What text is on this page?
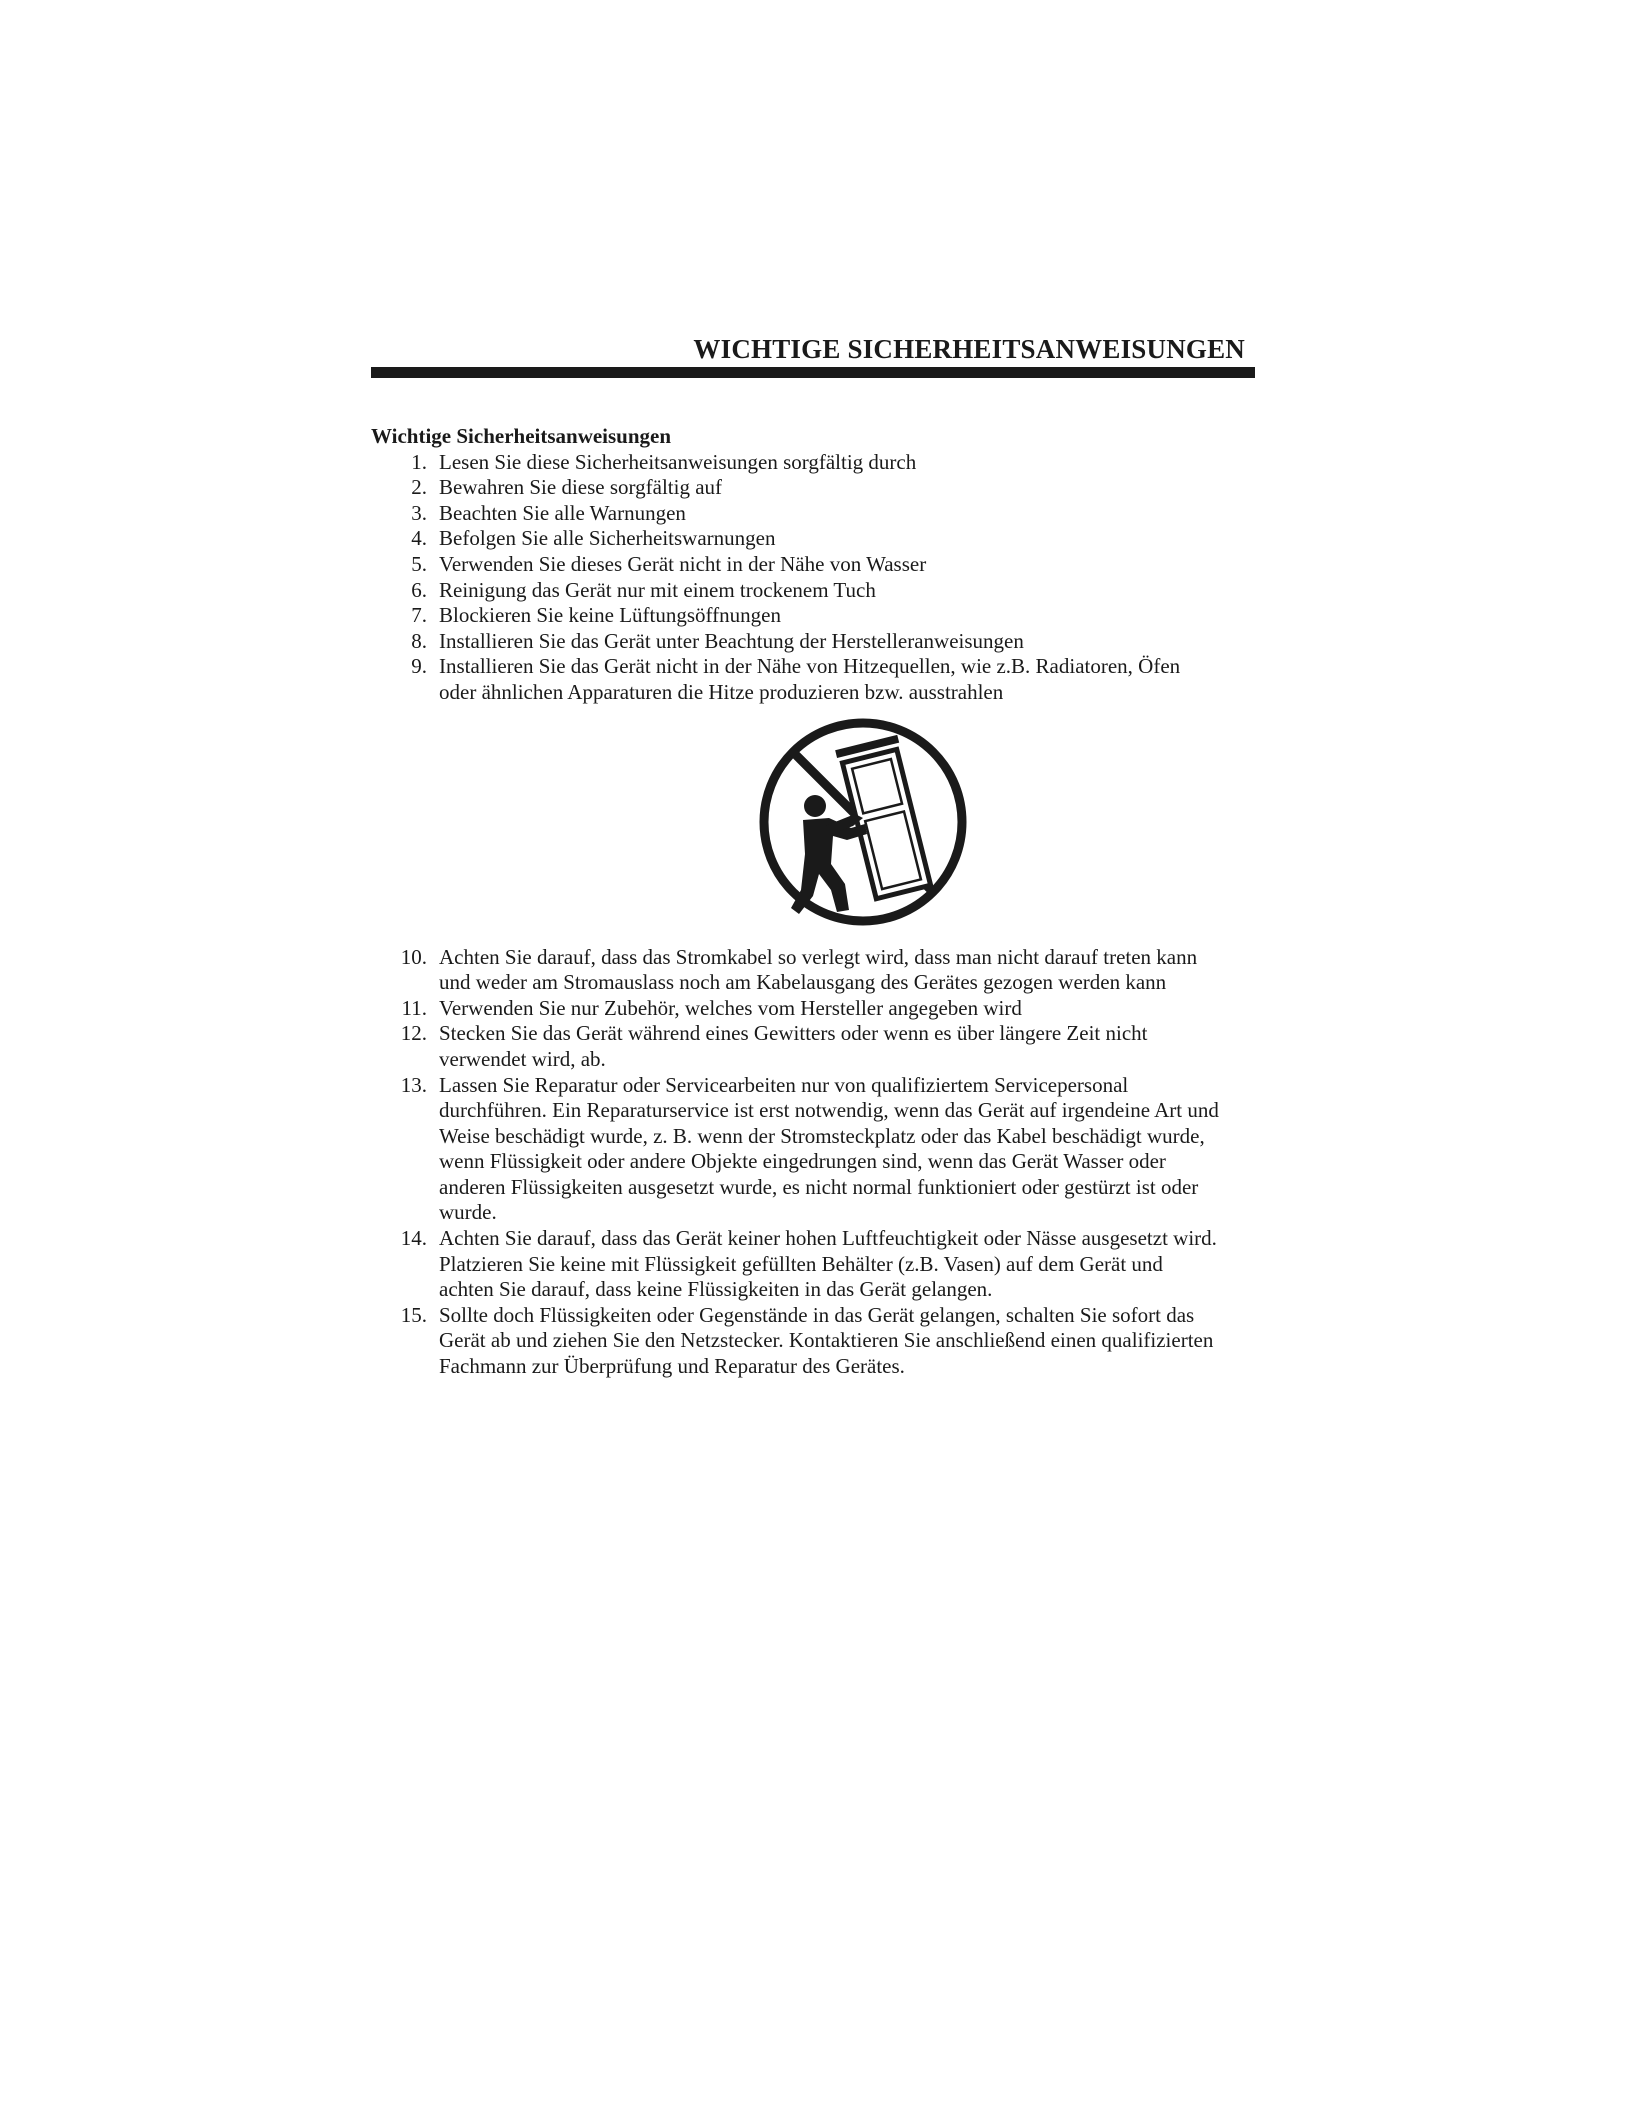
WICHTIGE SICHERHEITSANWEISUNGEN

Wichtige Sicherheitsanweisungen

1. Lesen Sie diese Sicherheitsanweisungen sorgfältig durch
2. Bewahren Sie diese sorgfältig auf
3. Beachten Sie alle Warnungen
4. Befolgen Sie alle Sicherheitswarnungen
5. Verwenden Sie dieses Gerät nicht in der Nähe von Wasser
6. Reinigung das Gerät nur mit einem trockenem Tuch
7. Blockieren Sie keine Lüftungsöffnungen
8. Installieren Sie das Gerät unter Beachtung der Herstelleranweisungen
9. Installieren Sie das Gerät nicht in der Nähe von Hitzequellen, wie z.B. Radiatoren, Öfen oder ähnlichen Apparaturen die Hitze produzieren bzw. ausstrahlen
10. Achten Sie darauf, dass das Stromkabel so verlegt wird, dass man nicht darauf treten kann und weder am Stromauslass noch am Kabelausgang des Gerätes gezogen werden kann
11. Verwenden Sie nur Zubehör, welches vom Hersteller angegeben wird
12. Stecken Sie das Gerät während eines Gewitters oder wenn es über längere Zeit nicht verwendet wird, ab.
13. Lassen Sie Reparatur oder Servicearbeiten nur von qualifiziertem Servicepersonal durchführen. Ein Reparaturservice ist erst notwendig, wenn das Gerät auf irgendeine Art und Weise beschädigt wurde, z. B. wenn der Stromsteckplatz oder das Kabel beschädigt wurde, wenn Flüssigkeit oder andere Objekte eingedrungen sind, wenn das Gerät Wasser oder anderen Flüssigkeiten ausgesetzt wurde, es nicht normal funktioniert oder gestürzt ist oder wurde.
14. Achten Sie darauf, dass das Gerät keiner hohen Luftfeuchtigkeit oder Nässe ausgesetzt wird. Platzieren Sie keine mit Flüssigkeit gefüllten Behälter (z.B. Vasen) auf dem Gerät und achten Sie darauf, dass keine Flüssigkeiten in das Gerät gelangen.
15. Sollte doch Flüssigkeiten oder Gegenstände in das Gerät gelangen, schalten Sie sofort das Gerät ab und ziehen Sie den Netzstecker. Kontaktieren Sie anschließend einen qualifizierten Fachmann zur Überprüfung und Reparatur des Gerätes.
